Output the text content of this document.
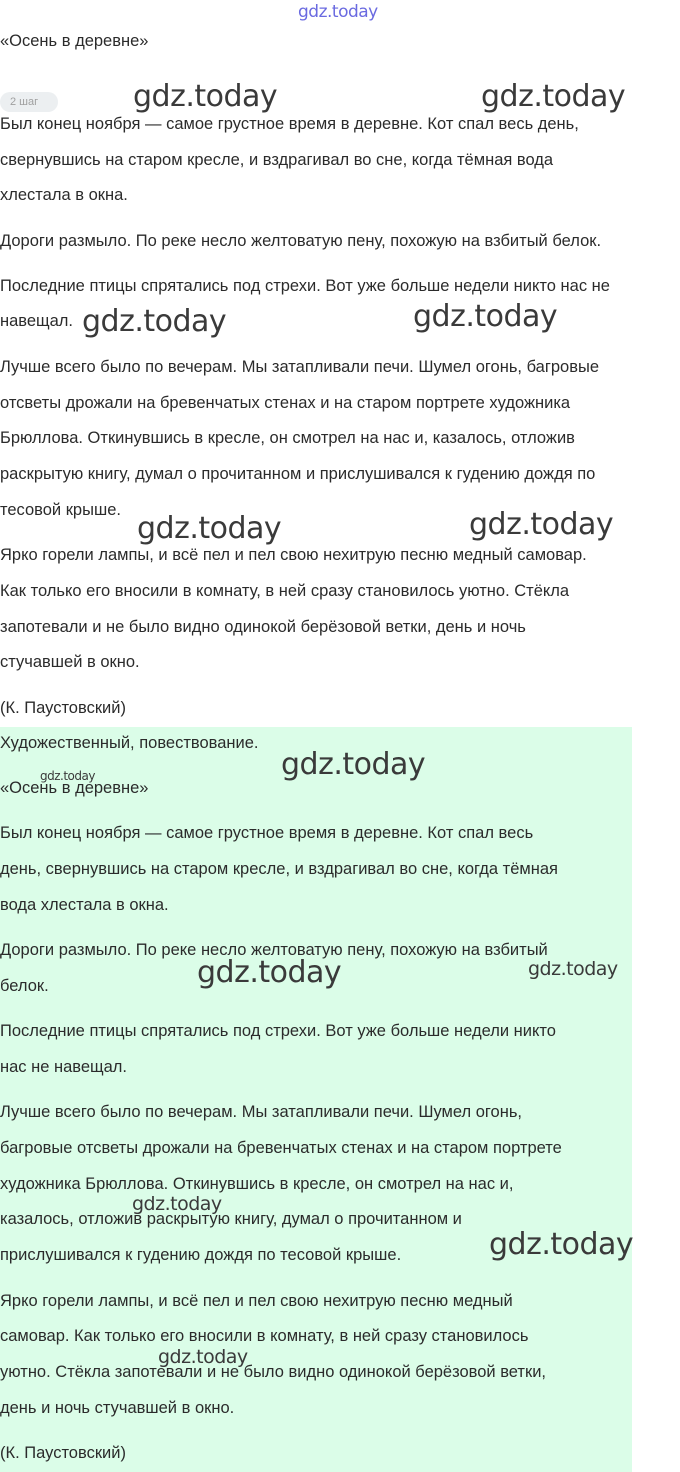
gdz.today
«Осень в деревне»
2 шаг
Был конец ноября — самое грустное время в деревне. Кот спал весь день,
свернувшись на старом кресле, и вздрагивал во сне, когда тёмная вода
хлестала в окна.
Дороги размыло. По реке несло желтоватую пену, похожую на взбитый белок.
Последние птицы спрятались под стрехи. Вот уже больше недели никто нас не
навещал.
Лучше всего было по вечерам. Мы затапливали печи. Шумел огонь, багровые
отсветы дрожали на бревенчатых стенах и на старом портрете художника
Брюллова. Откинувшись в кресле, он смотрел на нас и, казалось, отложив
раскрытую книгу, думал о прочитанном и прислушивался к гудению дождя по
тесовой крыше.
Ярко горели лампы, и всё пел и пел свою нехитрую песню медный самовар.
Как только его вносили в комнату, в ней сразу становилось уютно. Стёкла
запотевали и не было видно одинокой берёзовой ветки, день и ночь
стучавшей в окно.
(К. Паустовский)
Художественный, повествование.
«Осень в деревне»
Был конец ноября — самое грустное время в деревне. Кот спал весь
день, свернувшись на старом кресле, и вздрагивал во сне, когда тёмная
вода хлестала в окна.
Дороги размыло. По реке несло желтоватую пену, похожую на взбитый
белок.
Последние птицы спрятались под стрехи. Вот уже больше недели никто
нас не навещал.
Лучше всего было по вечерам. Мы затапливали печи. Шумел огонь,
багровые отсветы дрожали на бревенчатых стенах и на старом портрете
художника Брюллова. Откинувшись в кресле, он смотрел на нас и,
казалось, отложив раскрытую книгу, думал о прочитанном и
прислушивался к гудению дождя по тесовой крыше.
Ярко горели лампы, и всё пел и пел свою нехитрую песню медный
самовар. Как только его вносили в комнату, в ней сразу становилось
уютно. Стёкла запотевали и не было видно одинокой берёзовой ветки,
день и ночь стучавшей в окно.
(К. Паустовский)
gdz.today	gdz.today
gdz.today	gdz.today
gdz.today	gdz.today
gdz.today	gdz.today
gdz.today	gdz.today
gdz.today
gdz.today
gdz.today
